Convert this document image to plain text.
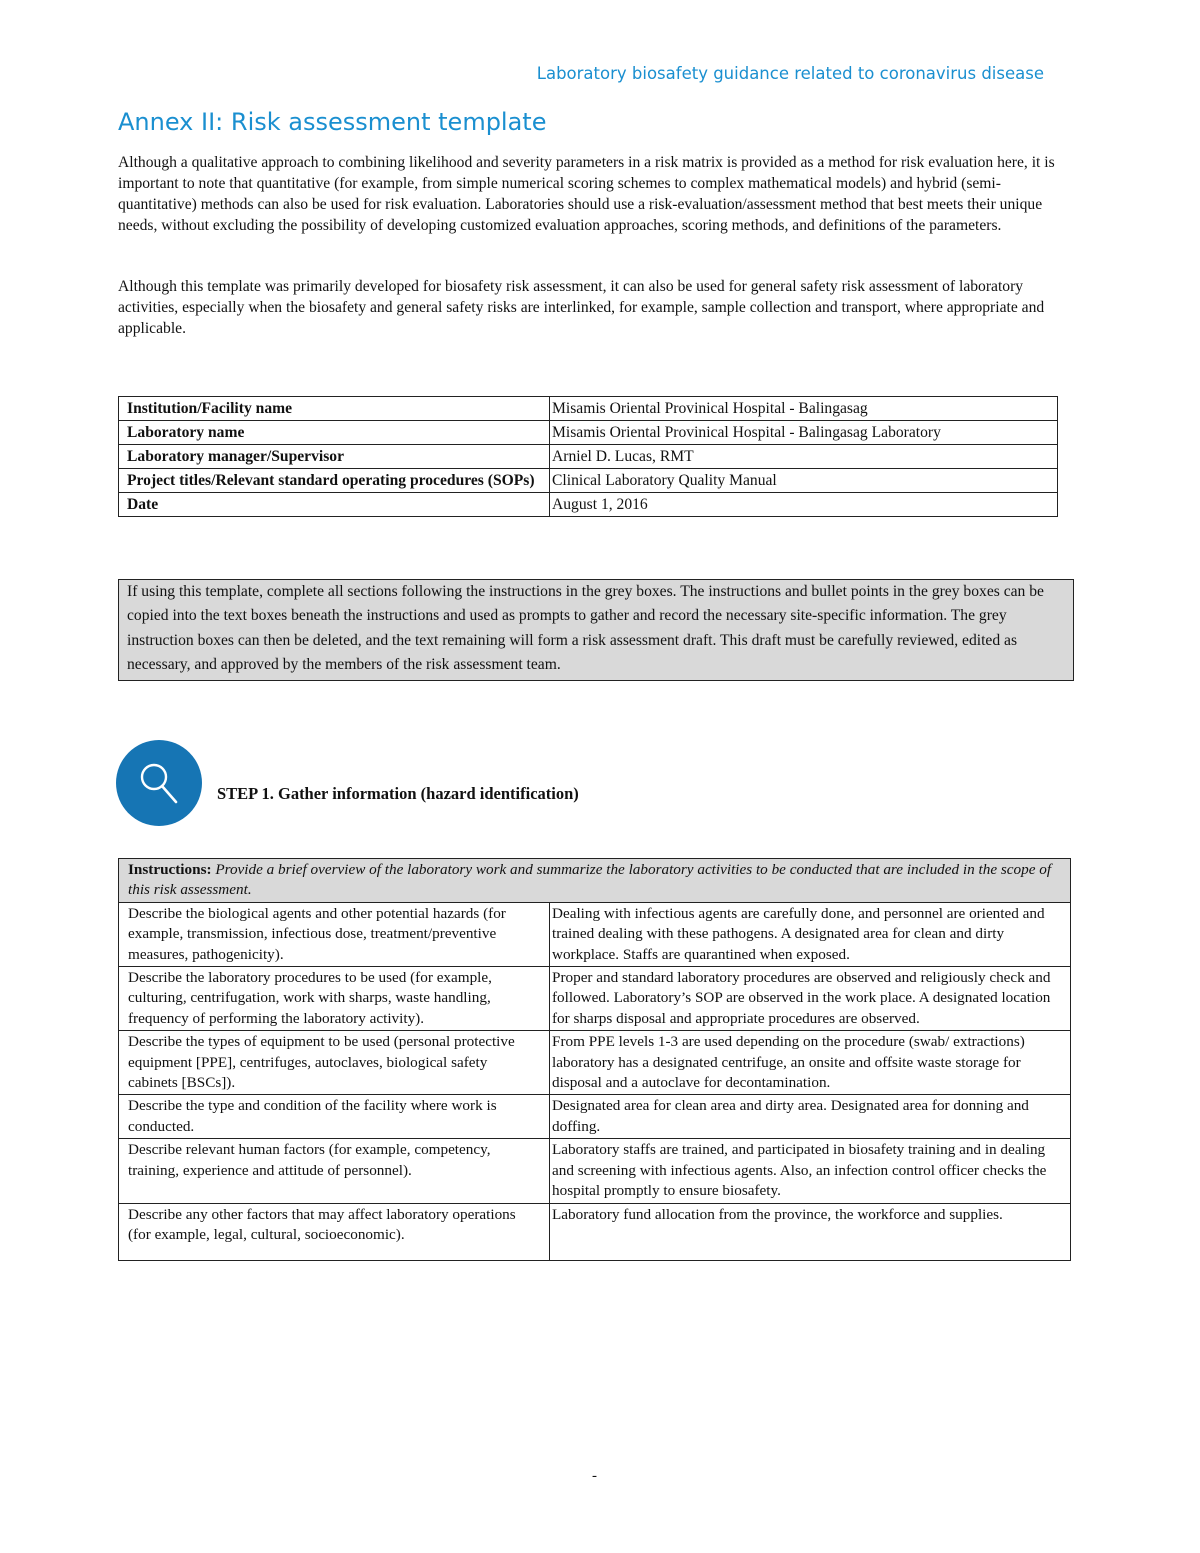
Laboratory biosafety guidance related to coronavirus disease
Annex II: Risk assessment template

Although a qualitative approach to combining likelihood and severity parameters in a risk matrix is provided as a method for risk evaluation here, it is important to note that quantitative (for example, from simple numerical scoring schemes to complex mathematical models) and hybrid (semi-quantitative) methods can also be used for risk evaluation. Laboratories should use a risk-evaluation/assessment method that best meets their unique needs, without excluding the possibility of developing customized evaluation approaches, scoring methods, and definitions of the parameters.

Although this template was primarily developed for biosafety risk assessment, it can also be used for general safety risk assessment of laboratory activities, especially when the biosafety and general safety risks are interlinked, for example, sample collection and transport, where appropriate and applicable.

Institution/Facility name	Misamis Oriental Provinical Hospital - Balingasag
Laboratory name	Misamis Oriental Provinical Hospital - Balingasag Laboratory
Laboratory manager/Supervisor	Arniel D. Lucas, RMT
Project titles/Relevant standard operating procedures (SOPs)	Clinical Laboratory Quality Manual
Date	August 1, 2016
If using this template, complete all sections following the instructions in the grey boxes. The instructions and bullet points in the grey boxes can be copied into the text boxes beneath the instructions and used as prompts to gather and record the necessary site-specific information. The grey instruction boxes can then be deleted, and the text remaining will form a risk assessment draft. This draft must be carefully reviewed, edited as necessary, and approved by the members of the risk assessment team.
STEP 1. Gather information (hazard identification)
Instructions: Provide a brief overview of the laboratory work and summarize the laboratory activities to be conducted that are included in the scope of this risk assessment.	
Describe the biological agents and other potential hazards (for example, transmission, infectious dose, treatment/preventive measures, pathogenicity).	Dealing with infectious agents are carefully done, and personnel are oriented and trained dealing with these pathogens. A designated area for clean and dirty workplace. Staffs are quarantined when exposed.
Describe the laboratory procedures to be used (for example, culturing, centrifugation, work with sharps, waste handling, frequency of performing the laboratory activity).	Proper and standard laboratory procedures are observed and religiously check and followed. Laboratory’s SOP are observed in the work place. A designated location for sharps disposal and appropriate procedures are observed.
Describe the types of equipment to be used (personal protective equipment [PPE], centrifuges, autoclaves, biological safety cabinets [BSCs]).	From PPE levels 1-3 are used depending on the procedure (swab/ extractions) laboratory has a designated centrifuge, an onsite and offsite waste storage for disposal and a autoclave for decontamination.
Describe the type and condition of the facility where work is conducted.	Designated area for clean area and dirty area. Designated area for donning and doffing.
Describe relevant human factors (for example, competency, training, experience and attitude of personnel).	Laboratory staffs are trained, and participated in biosafety training and in dealing and screening with infectious agents. Also, an infection control officer checks the hospital promptly to ensure biosafety.
Describe any other factors that may affect laboratory operations (for example, legal, cultural, socioeconomic).	Laboratory fund allocation from the province, the workforce and supplies.
-
